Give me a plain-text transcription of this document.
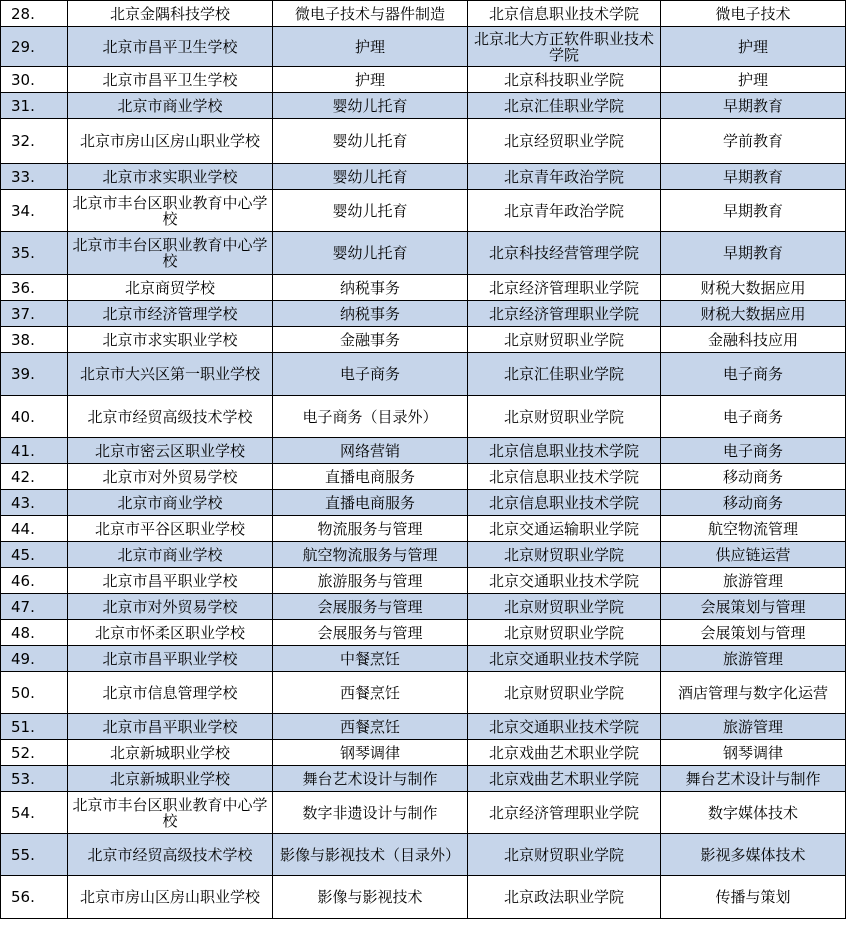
28.	北京金隅科技学校	微电子技术与器件制造	北京信息职业技术学院	微电子技术
29.	北京市昌平卫生学校	护理	北京北大方正软件职业技术学院	护理
30.	北京市昌平卫生学校	护理	北京科技职业学院	护理
31.	北京市商业学校	婴幼儿托育	北京汇佳职业学院	早期教育
32.	北京市房山区房山职业学校	婴幼儿托育	北京经贸职业学院	学前教育
33.	北京市求实职业学校	婴幼儿托育	北京青年政治学院	早期教育
34.	北京市丰台区职业教育中心学校	婴幼儿托育	北京青年政治学院	早期教育
35.	北京市丰台区职业教育中心学校	婴幼儿托育	北京科技经营管理学院	早期教育
36.	北京商贸学校	纳税事务	北京经济管理职业学院	财税大数据应用
37.	北京市经济管理学校	纳税事务	北京经济管理职业学院	财税大数据应用
38.	北京市求实职业学校	金融事务	北京财贸职业学院	金融科技应用
39.	北京市大兴区第一职业学校	电子商务	北京汇佳职业学院	电子商务
40.	北京市经贸高级技术学校	电子商务（目录外）	北京财贸职业学院	电子商务
41.	北京市密云区职业学校	网络营销	北京信息职业技术学院	电子商务
42.	北京市对外贸易学校	直播电商服务	北京信息职业技术学院	移动商务
43.	北京市商业学校	直播电商服务	北京信息职业技术学院	移动商务
44.	北京市平谷区职业学校	物流服务与管理	北京交通运输职业学院	航空物流管理
45.	北京市商业学校	航空物流服务与管理	北京财贸职业学院	供应链运营
46.	北京市昌平职业学校	旅游服务与管理	北京交通职业技术学院	旅游管理
47.	北京市对外贸易学校	会展服务与管理	北京财贸职业学院	会展策划与管理
48.	北京市怀柔区职业学校	会展服务与管理	北京财贸职业学院	会展策划与管理
49.	北京市昌平职业学校	中餐烹饪	北京交通职业技术学院	旅游管理
50.	北京市信息管理学校	西餐烹饪	北京财贸职业学院	酒店管理与数字化运营
51.	北京市昌平职业学校	西餐烹饪	北京交通职业技术学院	旅游管理
52.	北京新城职业学校	钢琴调律	北京戏曲艺术职业学院	钢琴调律
53.	北京新城职业学校	舞台艺术设计与制作	北京戏曲艺术职业学院	舞台艺术设计与制作
54.	北京市丰台区职业教育中心学校	数字非遗设计与制作	北京经济管理职业学院	数字媒体技术
55.	北京市经贸高级技术学校	影像与影视技术（目录外）	北京财贸职业学院	影视多媒体技术
56.	北京市房山区房山职业学校	影像与影视技术	北京政法职业学院	传播与策划
